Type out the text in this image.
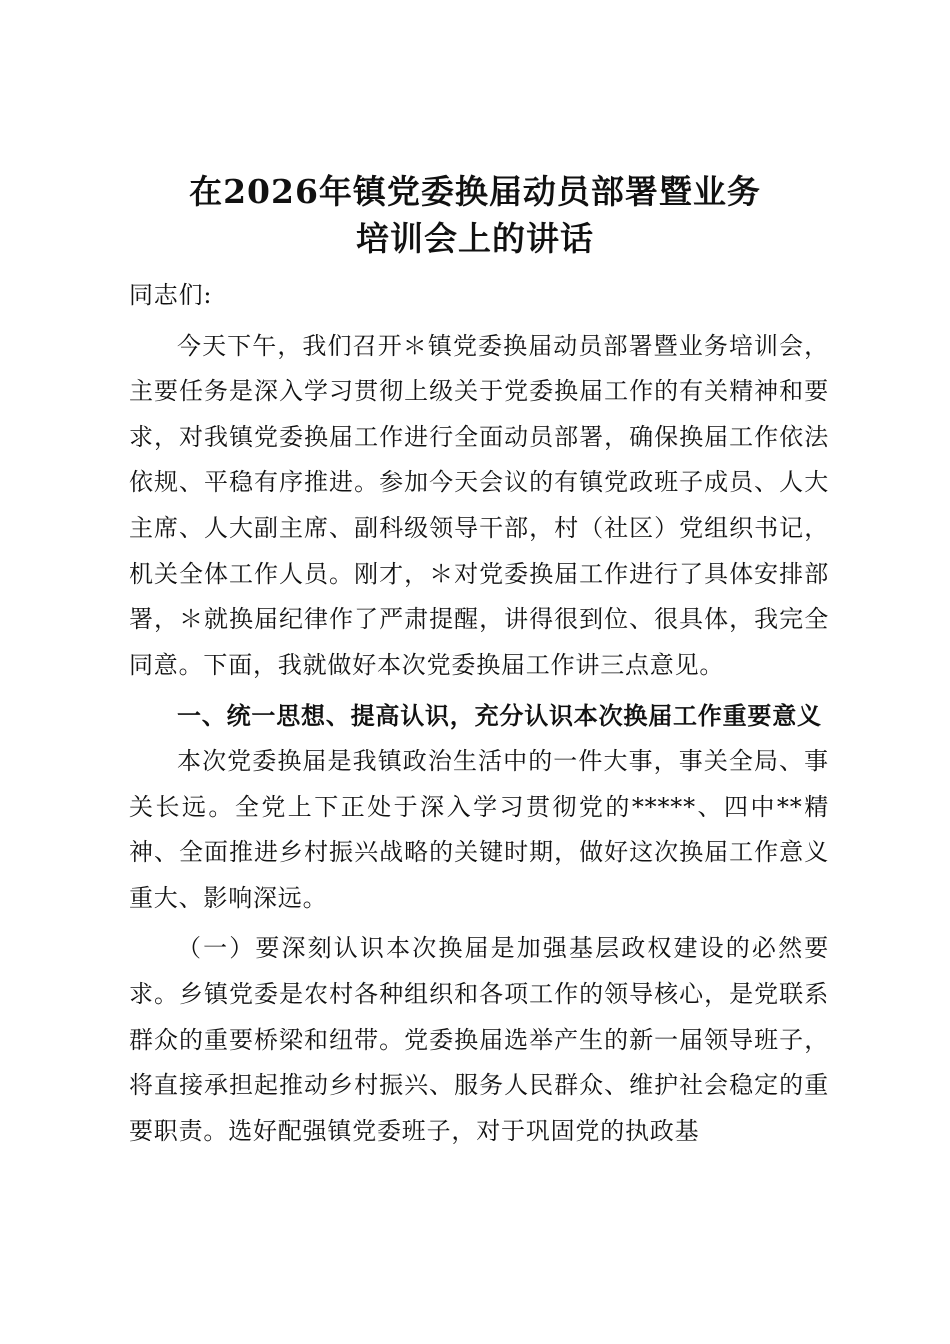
在2026年镇党委换届动员部署暨业务
培训会上的讲话

同志们:

今天下午，我们召开＊镇党委换届动员部署暨业务培训会，主要任务是深入学习贯彻上级关于党委换届工作的有关精神和要求，对我镇党委换届工作进行全面动员部署，确保换届工作依法依规、平稳有序推进。参加今天会议的有镇党政班子成员、人大主席、人大副主席、副科级领导干部，村（社区）党组织书记，机关全体工作人员。刚才，＊对党委换届工作进行了具体安排部署，＊就换届纪律作了严肃提醒，讲得很到位、很具体，我完全同意。下面，我就做好本次党委换届工作讲三点意见。

一、统一思想、提高认识，充分认识本次换届工作重要意义

本次党委换届是我镇政治生活中的一件大事，事关全局、事关长远。全党上下正处于深入学习贯彻党的*****、四中**精神、全面推进乡村振兴战略的关键时期，做好这次换届工作意义重大、影响深远。

（一）要深刻认识本次换届是加强基层政权建设的必然要求。乡镇党委是农村各种组织和各项工作的领导核心，是党联系群众的重要桥梁和纽带。党委换届选举产生的新一届领导班子，将直接承担起推动乡村振兴、服务人民群众、维护社会稳定的重要职责。选好配强镇党委班子，对于巩固党的执政基
